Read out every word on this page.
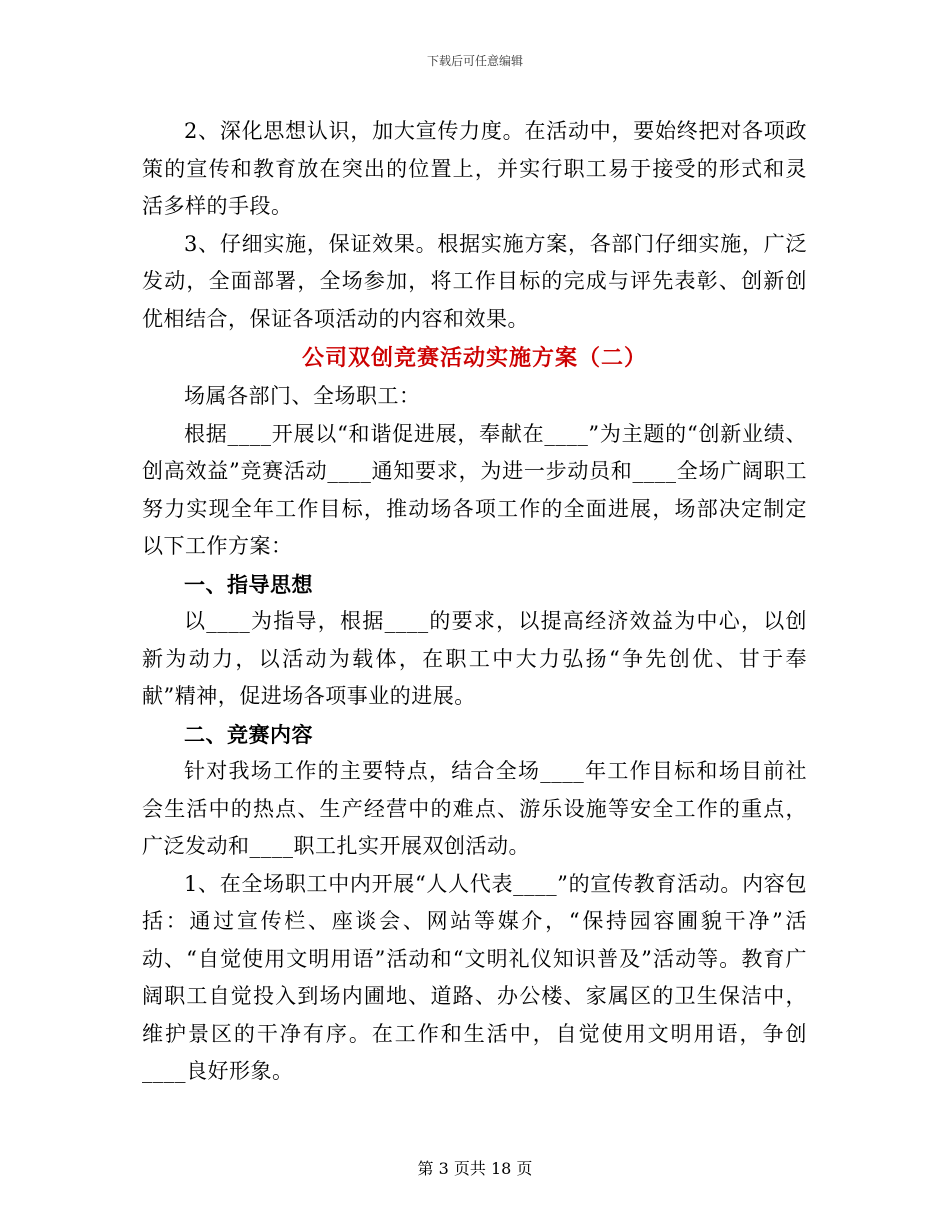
下载后可任意编辑

2、深化思想认识，加大宣传力度。在活动中，要始终把对各项政策的宣传和教育放在突出的位置上，并实行职工易于接受的形式和灵活多样的手段。

3、仔细实施，保证效果。根据实施方案，各部门仔细实施，广泛发动，全面部署，全场参加，将工作目标的完成与评先表彰、创新创优相结合，保证各项活动的内容和效果。

公司双创竞赛活动实施方案（二）

场属各部门、全场职工：

根据____开展以“和谐促进展，奉献在____”为主题的“创新业绩、创高效益”竞赛活动____通知要求，为进一步动员和____全场广阔职工努力实现全年工作目标，推动场各项工作的全面进展，场部决定制定以下工作方案：

一、指导思想

以____为指导，根据____的要求，以提高经济效益为中心，以创新为动力，以活动为载体，在职工中大力弘扬“争先创优、甘于奉献”精神，促进场各项事业的进展。

二、竞赛内容

针对我场工作的主要特点，结合全场____年工作目标和场目前社会生活中的热点、生产经营中的难点、游乐设施等安全工作的重点，广泛发动和____职工扎实开展双创活动。

1、在全场职工中内开展“人人代表____”的宣传教育活动。内容包括：通过宣传栏、座谈会、网站等媒介，“保持园容圃貌干净”活动、“自觉使用文明用语”活动和“文明礼仪知识普及”活动等。教育广阔职工自觉投入到场内圃地、道路、办公楼、家属区的卫生保洁中，维护景区的干净有序。在工作和生活中，自觉使用文明用语，争创____良好形象。

第 3 页共 18 页
